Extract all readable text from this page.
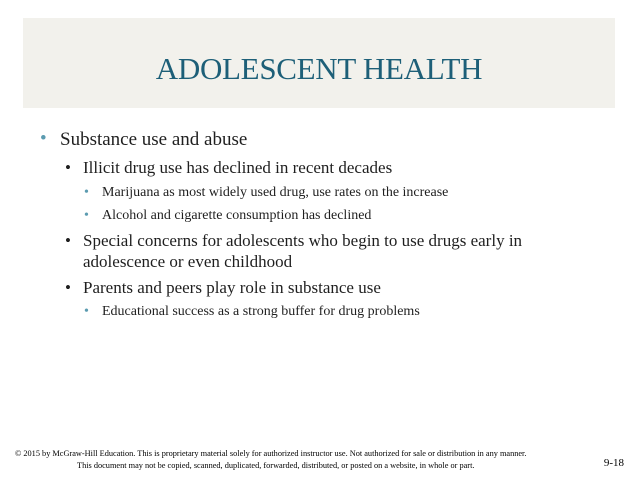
ADOLESCENT HEALTH
• Substance use and abuse
• Illicit drug use has declined in recent decades
• Marijuana as most widely used drug, use rates on the increase
• Alcohol and cigarette consumption has declined
• Special concerns for adolescents who begin to use drugs early in
adolescence or even childhood
• Parents and peers play role in substance use
• Educational success as a strong buffer for drug problems
© 2015 by McGraw-Hill Education. This is proprietary material solely for authorized instructor use. Not authorized for sale or distribution in any manner.
This document may not be copied, scanned, duplicated, forwarded, distributed, or posted on a website, in whole or part.	9-18
